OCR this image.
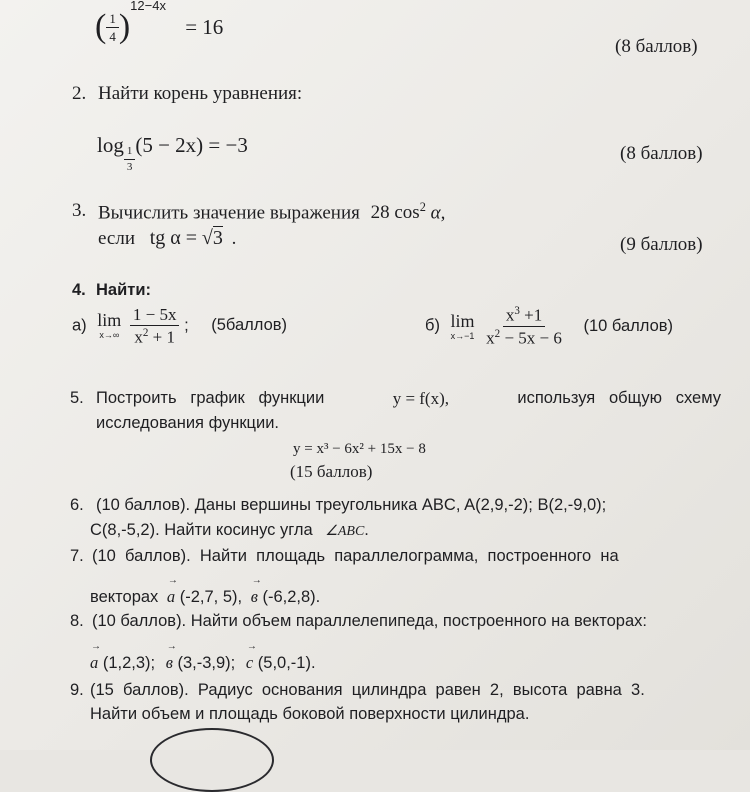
( $\frac{1}{4} )^{12-4x} = 16$
(8 баллов)
2. Найти корень уравнения:
log
$\frac{1}{3}$
(5 − 2x) = −3	(8 баллов)
3. Вычислить значение выражения 28 $\cos^2 \alpha$,
если tg α = √3 .	(9 баллов)
4. Найти:
а) lim
x→∞
$\frac{1 - 5x}{x^2 + 1}$ ; (5баллов)	б) lim
x→−1
$\frac{x^3 +1}{x^2 - 5x - 6} (10$ баллов)
5. Построить   график   функции	y = f(x),	используя   общую   схему
исследования функции.
y = x³ − 6x² + 15x − 8
(15 баллов)
6. (10 баллов). Даны вершины треугольника ABC, A(2,9,-2); B(2,-9,0);
C(8,-5,2). Найти косинус угла ∠ABC.
7. (10  баллов).  Найти  площадь  параллелограмма,  построенного  на
векторах
→
a (-2,7, 5),
→
в (-6,2,8).
8. (10 баллов). Найти объем параллелепипеда, построенного на векторах:
→
a (1,2,3);
→
в (3,-3,9);
→
c (5,0,-1).
9. (15  баллов).  Радиус  основания  цилиндра  равен  2,  высота  равна  3.
Найти объем и площадь боковой поверхности цилиндра.
